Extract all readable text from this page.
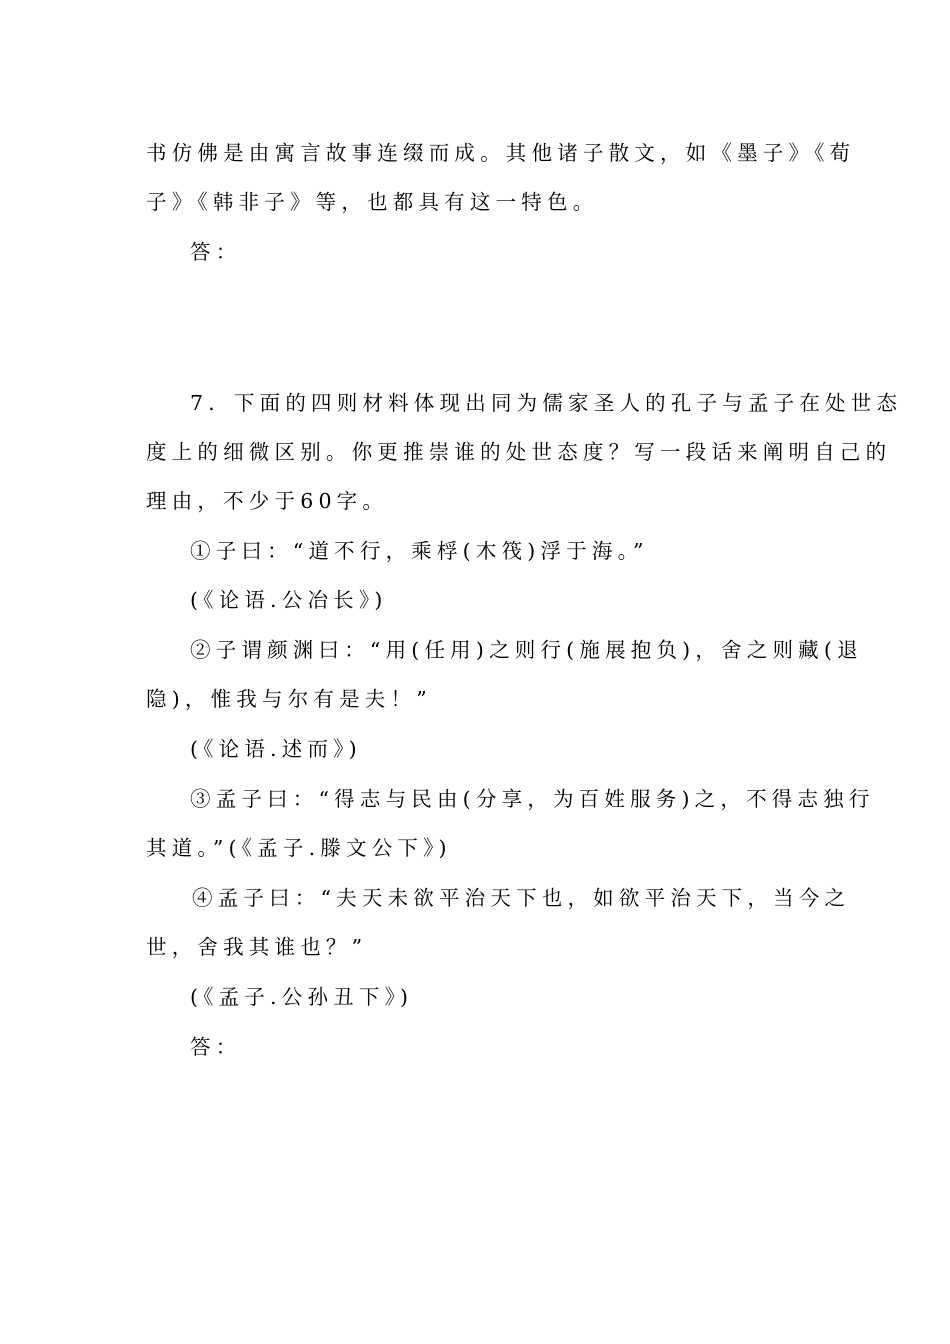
书仿佛是由寓言故事连缀而成。其他诸子散文，如《墨子》《荀
子》《韩非子》等，也都具有这一特色。
答：
7．下面的四则材料体现出同为儒家圣人的孔子与孟子在处世态
度上的细微区别。你更推崇谁的处世态度？写一段话来阐明自己的
理由，不少于60字。
①子曰：“道不行，乘桴(木筏)浮于海。”
(《论语.公冶长》)
②子谓颜渊曰：“用(任用)之则行(施展抱负)，舍之则藏(退
隐)，惟我与尔有是夫！”
(《论语.述而》)
③孟子曰：“得志与民由(分享，为百姓服务)之，不得志独行
其道。”(《孟子.滕文公下》)
④孟子曰：“夫天未欲平治天下也，如欲平治天下，当今之
世，舍我其谁也？”
(《孟子.公孙丑下》)
答：
